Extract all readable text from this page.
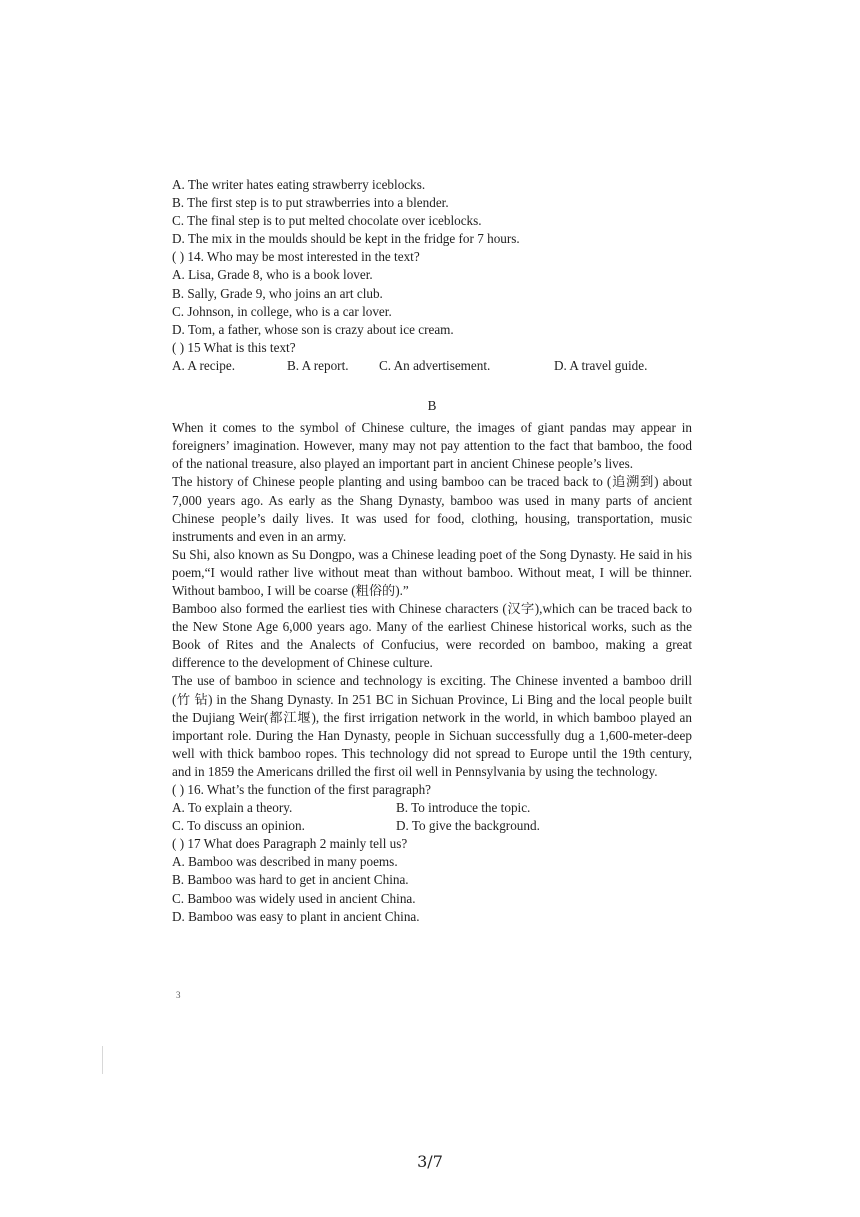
A. The writer hates eating strawberry iceblocks.
B. The first step is to put strawberries into a blender.
C. The final step is to put melted chocolate over iceblocks.
D. The mix in the moulds should be kept in the fridge for 7 hours.
( ) 14. Who may be most interested in the text?
A. Lisa, Grade 8, who is a book lover.
B. Sally, Grade 9, who joins an art club.
C. Johnson, in college, who is a car lover.
D. Tom, a father, whose son is crazy about ice cream.
( ) 15 What is this text?
A. A recipe.	B. A report.	C. An advertisement.	D. A travel guide.
B

When it comes to the symbol of Chinese culture, the images of giant pandas may appear in foreigners’ imagination. However, many may not pay attention to the fact that bamboo, the food of the national treasure, also played an important part in ancient Chinese people’s lives.

The history of Chinese people planting and using bamboo can be traced back to (追溯到) about 7,000 years ago. As early as the Shang Dynasty, bamboo was used in many parts of ancient Chinese people’s daily lives. It was used for food, clothing, housing, transportation, music instruments and even in an army.

Su Shi, also known as Su Dongpo, was a Chinese leading poet of the Song Dynasty. He said in his poem,“I would rather live without meat than without bamboo. Without meat, I will be thinner. Without bamboo, I will be coarse (粗俗的).”

Bamboo also formed the earliest ties with Chinese characters (汉字),which can be traced back to the New Stone Age 6,000 years ago. Many of the earliest Chinese historical works, such as the Book of Rites and the Analects of Confucius, were recorded on bamboo, making a great difference to the development of Chinese culture.

The use of bamboo in science and technology is exciting. The Chinese invented a bamboo drill (竹 钻) in the Shang Dynasty. In 251 BC in Sichuan Province, Li Bing and the local people built the Dujiang Weir(都江堰), the first irrigation network in the world, in which bamboo played an important role. During the Han Dynasty, people in Sichuan successfully dug a 1,600-meter-deep well with thick bamboo ropes. This technology did not spread to Europe until the 19th century, and in 1859 the Americans drilled the first oil well in Pennsylvania by using the technology.

( ) 16. What’s the function of the first paragraph?
A. To explain a theory.	B. To introduce the topic.
C. To discuss an opinion.	D. To give the background.
( ) 17 What does Paragraph 2 mainly tell us?
A. Bamboo was described in many poems.
B. Bamboo was hard to get in ancient China.
C. Bamboo was widely used in ancient China.
D. Bamboo was easy to plant in ancient China.
3
3/7
